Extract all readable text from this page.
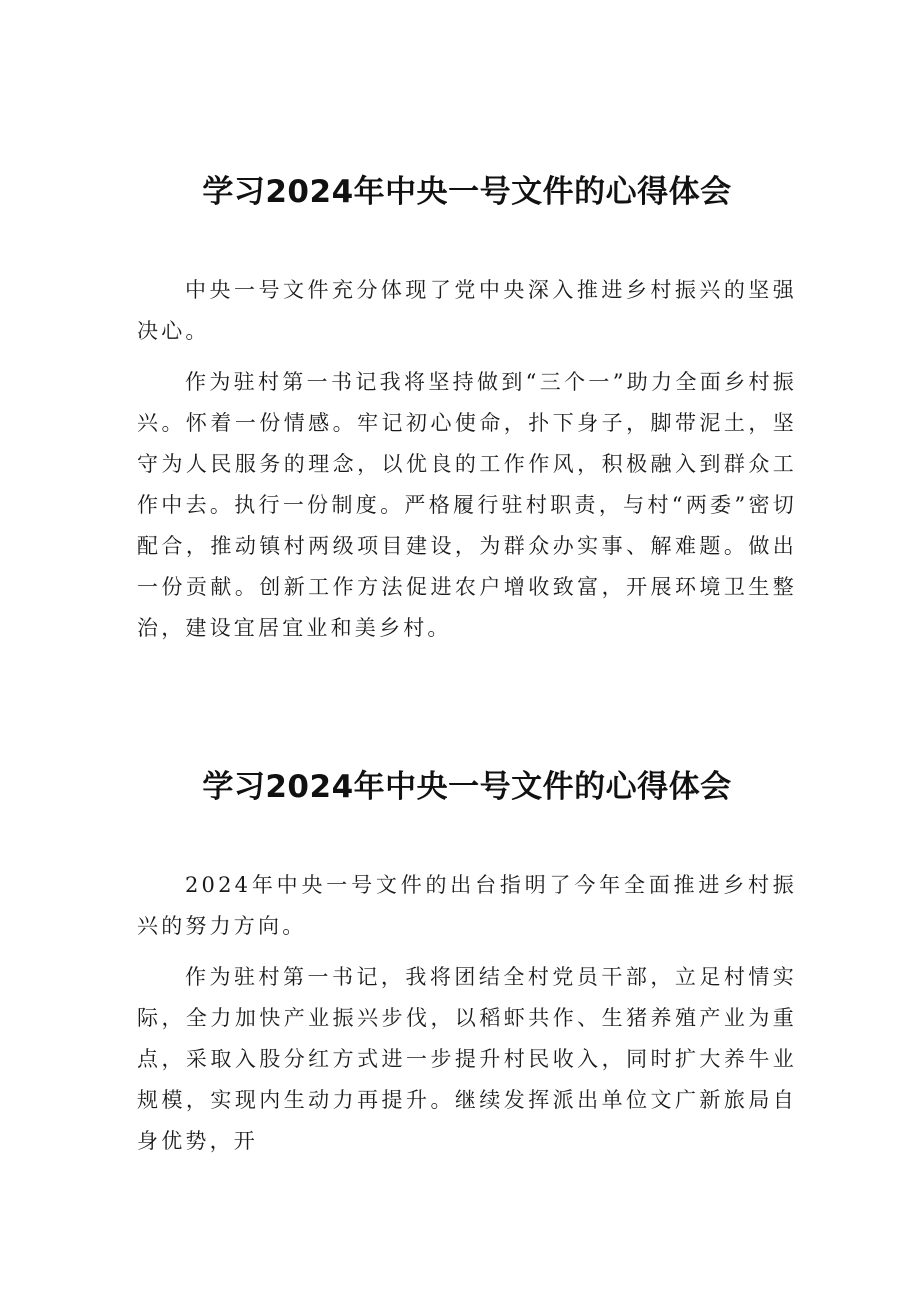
学习2024年中央一号文件的心得体会

中央一号文件充分体现了党中央深入推进乡村振兴的坚强决心。

作为驻村第一书记我将坚持做到“三个一”助力全面乡村振兴。怀着一份情感。牢记初心使命，扑下身子，脚带泥土，坚守为人民服务的理念，以优良的工作作风，积极融入到群众工作中去。执行一份制度。严格履行驻村职责，与村“两委”密切配合，推动镇村两级项目建设，为群众办实事、解难题。做出一份贡献。创新工作方法促进农户增收致富，开展环境卫生整治，建设宜居宜业和美乡村。

学习2024年中央一号文件的心得体会

2024年中央一号文件的出台指明了今年全面推进乡村振兴的努力方向。

作为驻村第一书记，我将团结全村党员干部，立足村情实际，全力加快产业振兴步伐，以稻虾共作、生猪养殖产业为重点，采取入股分红方式进一步提升村民收入，同时扩大养牛业规模，实现内生动力再提升。继续发挥派出单位文广新旅局自身优势，开
